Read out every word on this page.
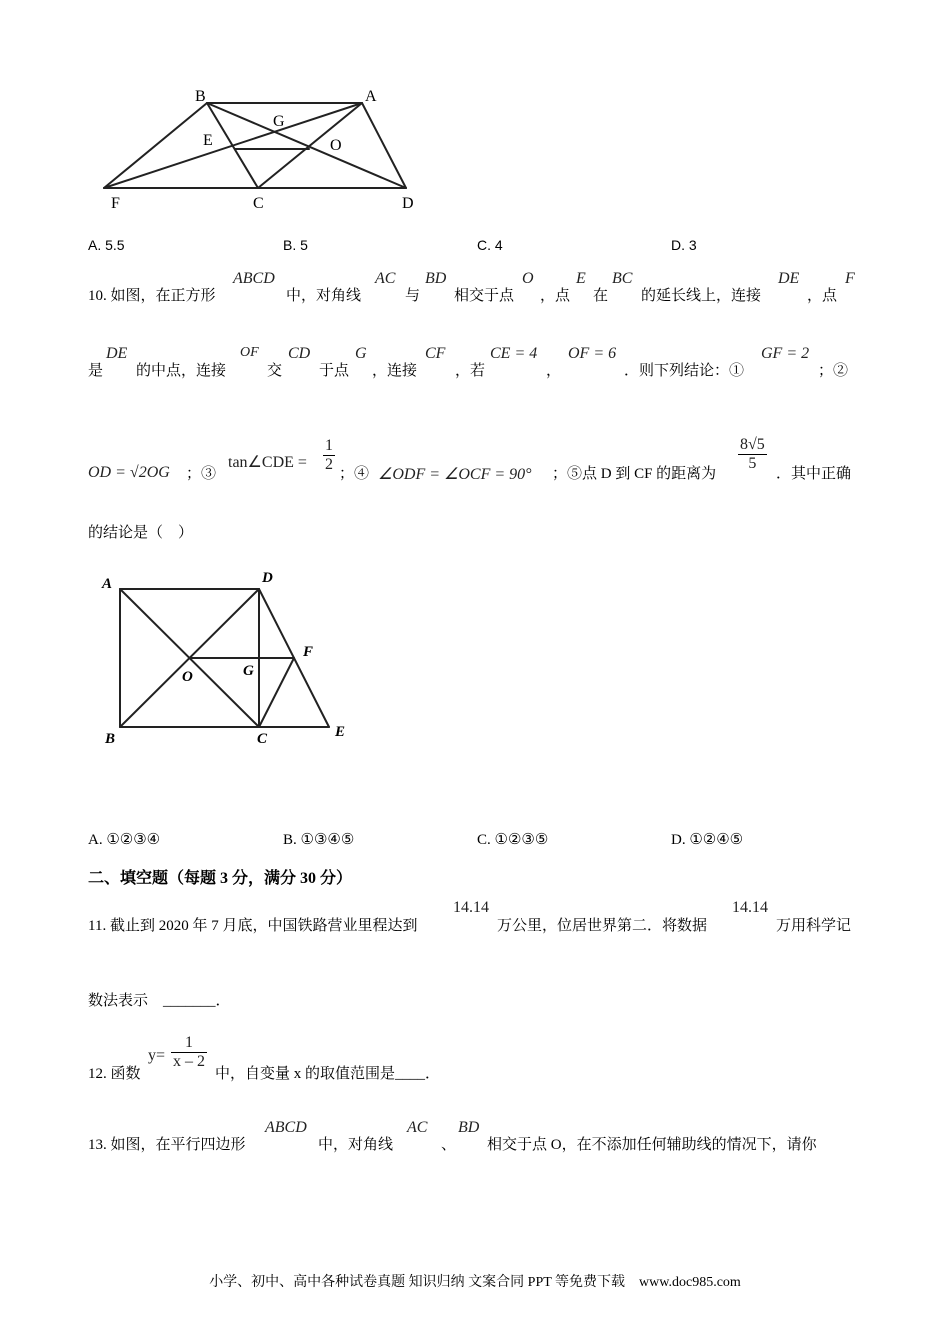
B	A
G
E	O
F	C	D
A. 5.5	B. 5	C. 4	D. 3
10. 如图，在正方形
ABCD
中，对角线
AC
与
BD
相交于点
O
，点
E
在
BC
的延长线上，连接
DE
，点
F
是
DE
的中点，连接
OF
交
CD
于点
G
，连接
CF
，若
CE = 4
，
OF = 6
．则下列结论：①
GF = 2
；②
OD = √2OG ；③
tan∠CDE = $\frac{1}{2}$ ；④ ∠ODF = ∠OCF = 90° ；⑤点 D 到 CF 的距离为
$\frac{8√5}{5}$
．其中正确
的结论是（　）
A	D
F
O	G
B	C	E
A. ①②③④	B. ①③④⑤	C. ①②③⑤	D. ①②④⑤
二、填空题（每题 3 分，满分 30 分）
11. 截止到 2020 年 7 月底，中国铁路营业里程达到
14.14
万公里，位居世界第二．将数据
14.14
万用科学记
数法表示　_______．
12. 函数
$y= \frac{1}{x - 2}$
中，自变量 x 的取值范围是____．
13. 如图，在平行四边形
ABCD
中，对角线
AC
、
BD
相交于点 O，在不添加任何辅助线的情况下，请你
小学、初中、高中各种试卷真题 知识归纳 文案合同 PPT 等免费下载　www.doc985.com
